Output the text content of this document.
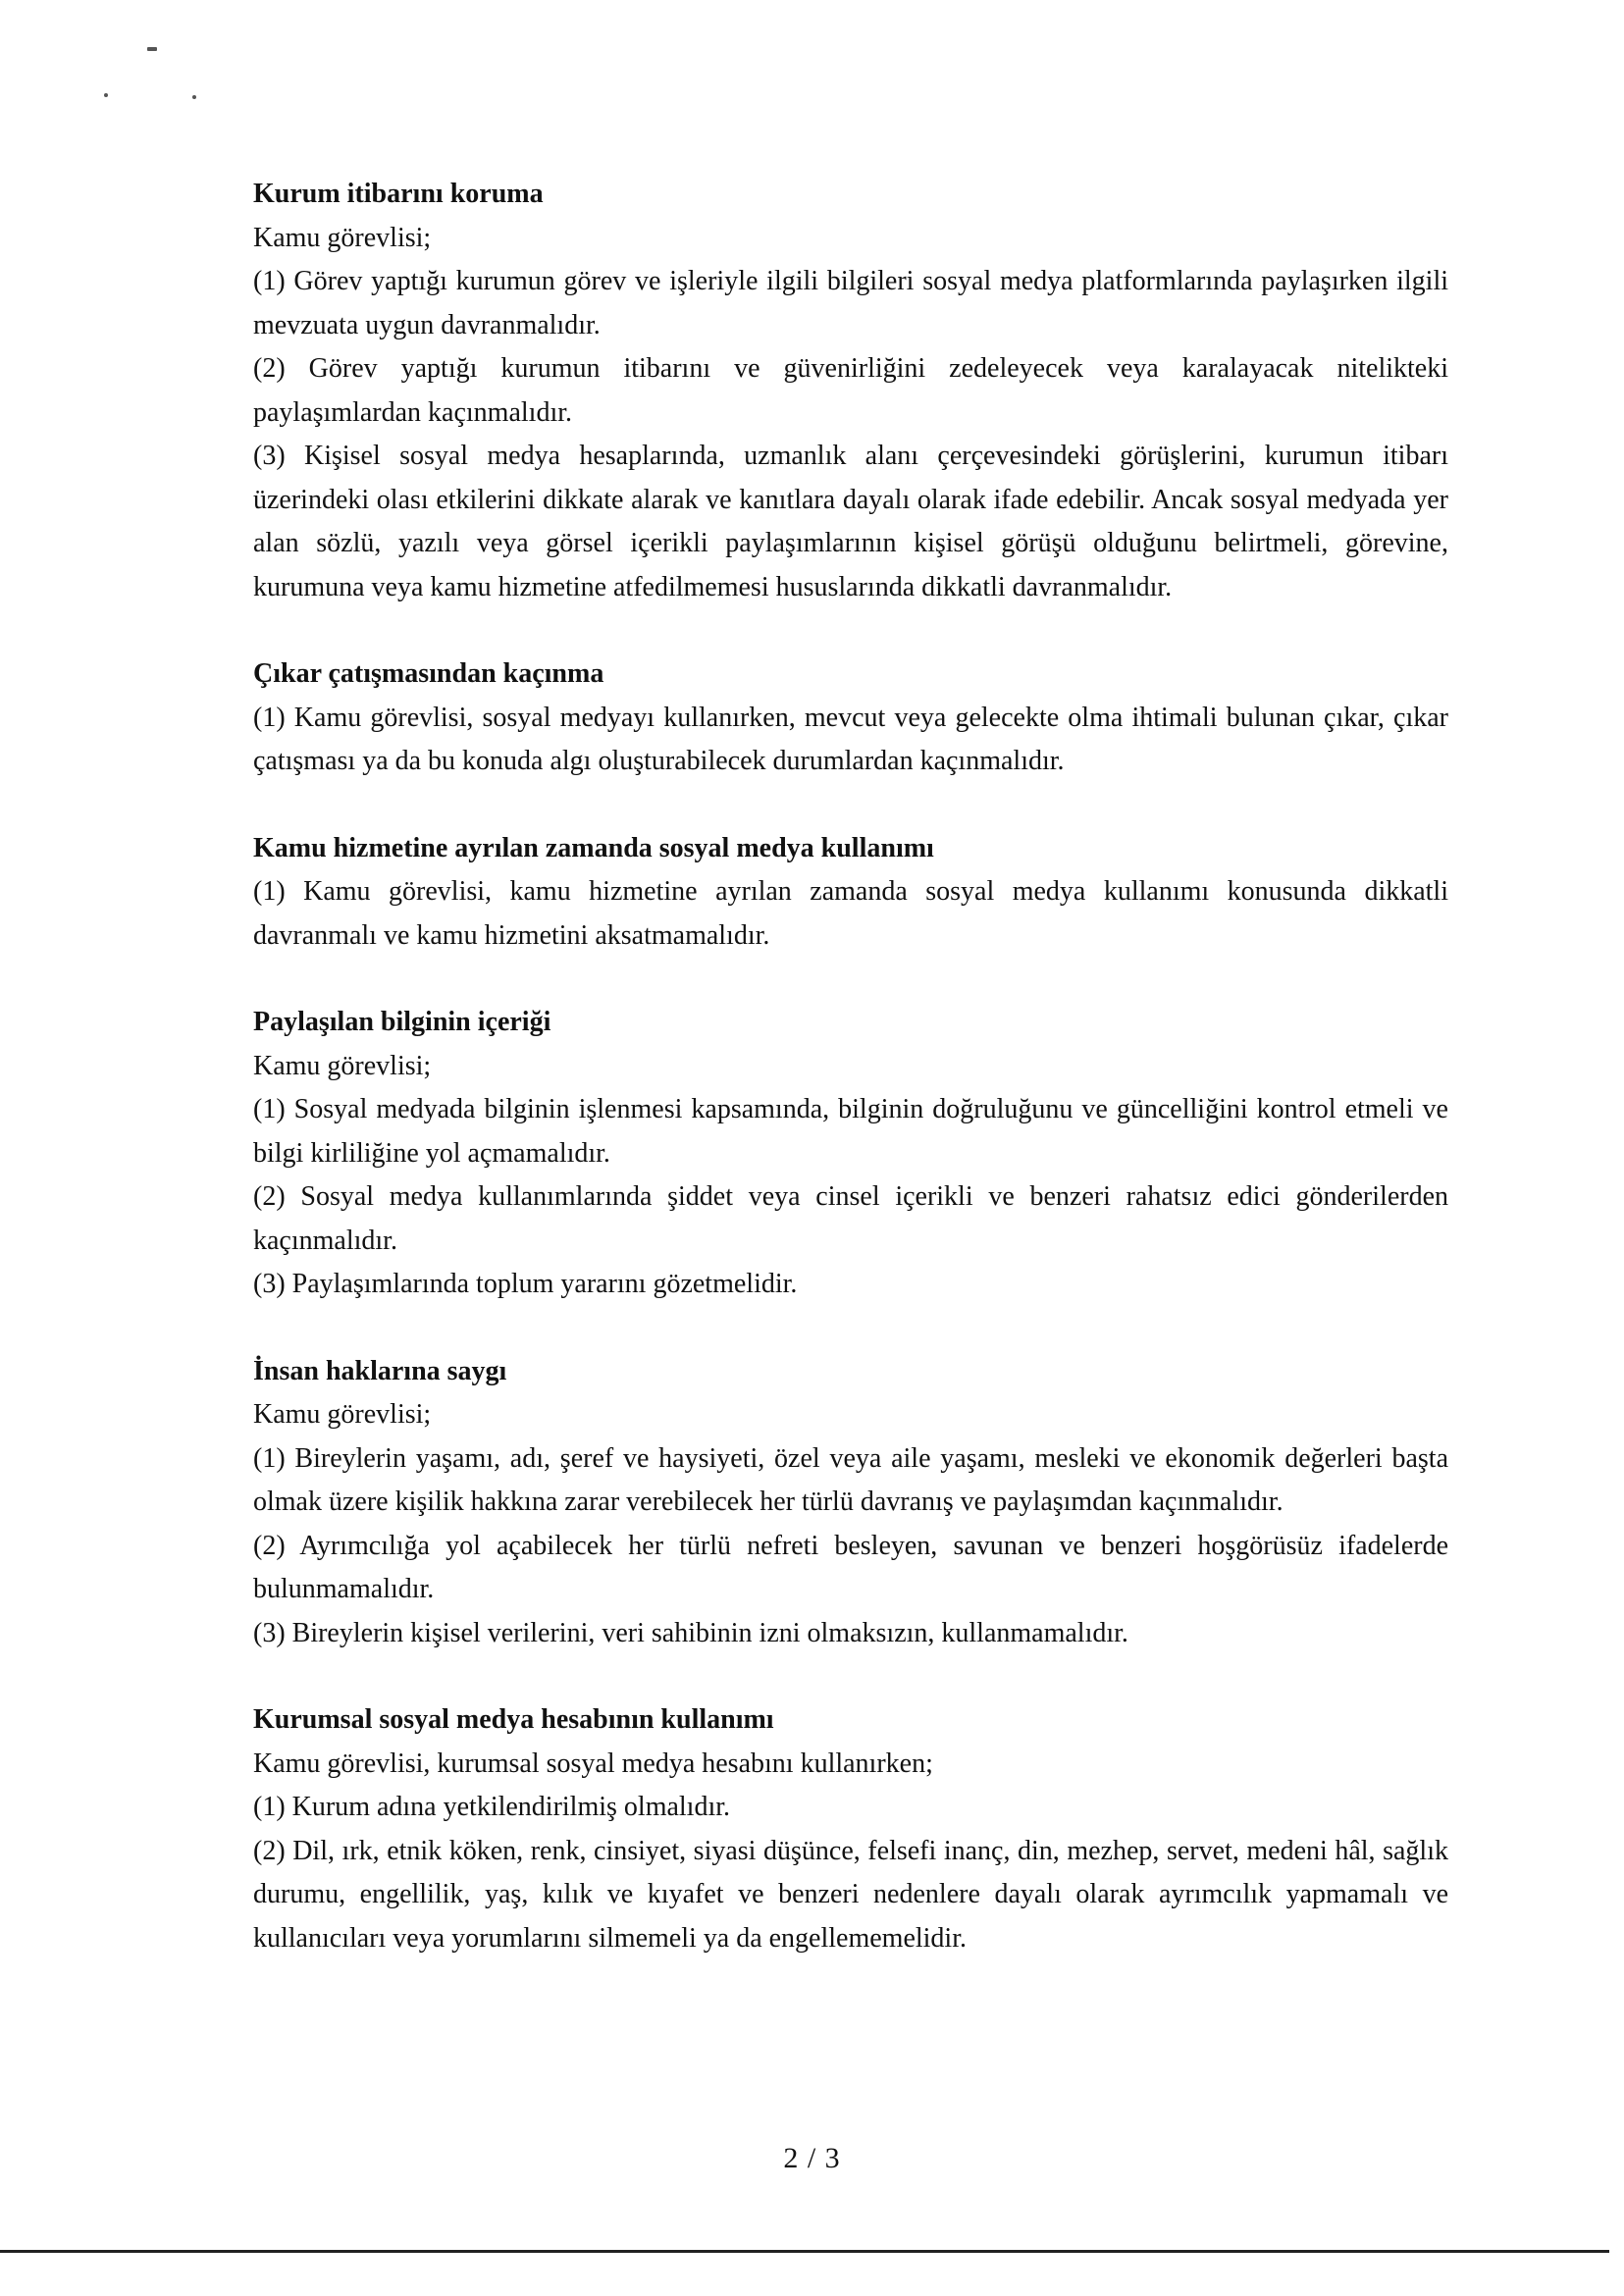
Kurum itibarını koruma
Kamu görevlisi;
(1) Görev yaptığı kurumun görev ve işleriyle ilgili bilgileri sosyal medya platformlarında paylaşırken ilgili mevzuata uygun davranmalıdır.
(2) Görev yaptığı kurumun itibarını ve güvenirliğini zedeleyecek veya karalayacak nitelikteki paylaşımlardan kaçınmalıdır.
(3) Kişisel sosyal medya hesaplarında, uzmanlık alanı çerçevesindeki görüşlerini, kurumun itibarı üzerindeki olası etkilerini dikkate alarak ve kanıtlara dayalı olarak ifade edebilir. Ancak sosyal medyada yer alan sözlü, yazılı veya görsel içerikli paylaşımlarının kişisel görüşü olduğunu belirtmeli, görevine, kurumuna veya kamu hizmetine atfedilmemesi hususlarında dikkatli davranmalıdır.
Çıkar çatışmasından kaçınma
(1) Kamu görevlisi, sosyal medyayı kullanırken, mevcut veya gelecekte olma ihtimali bulunan çıkar, çıkar çatışması ya da bu konuda algı oluşturabilecek durumlardan kaçınmalıdır.
Kamu hizmetine ayrılan zamanda sosyal medya kullanımı
(1) Kamu görevlisi, kamu hizmetine ayrılan zamanda sosyal medya kullanımı konusunda dikkatli davranmalı ve kamu hizmetini aksatmamalıdır.
Paylaşılan bilginin içeriği
Kamu görevlisi;
(1) Sosyal medyada bilginin işlenmesi kapsamında, bilginin doğruluğunu ve güncelliğini kontrol etmeli ve bilgi kirliliğine yol açmamalıdır.
(2) Sosyal medya kullanımlarında şiddet veya cinsel içerikli ve benzeri rahatsız edici gönderilerden kaçınmalıdır.
(3) Paylaşımlarında toplum yararını gözetmelidir.
İnsan haklarına saygı
Kamu görevlisi;
(1) Bireylerin yaşamı, adı, şeref ve haysiyeti, özel veya aile yaşamı, mesleki ve ekonomik değerleri başta olmak üzere kişilik hakkına zarar verebilecek her türlü davranış ve paylaşımdan kaçınmalıdır.
(2) Ayrımcılığa yol açabilecek her türlü nefreti besleyen, savunan ve benzeri hoşgörüsüz ifadelerde bulunmamalıdır.
(3) Bireylerin kişisel verilerini, veri sahibinin izni olmaksızın, kullanmamalıdır.
Kurumsal sosyal medya hesabının kullanımı
Kamu görevlisi, kurumsal sosyal medya hesabını kullanırken;
(1) Kurum adına yetkilendirilmiş olmalıdır.
(2) Dil, ırk, etnik köken, renk, cinsiyet, siyasi düşünce, felsefi inanç, din, mezhep, servet, medeni hâl, sağlık durumu, engellilik, yaş, kılık ve kıyafet ve benzeri nedenlere dayalı olarak ayrımcılık yapmamalı ve kullanıcıları veya yorumlarını silmemeli ya da engellememelidir.
2 / 3
